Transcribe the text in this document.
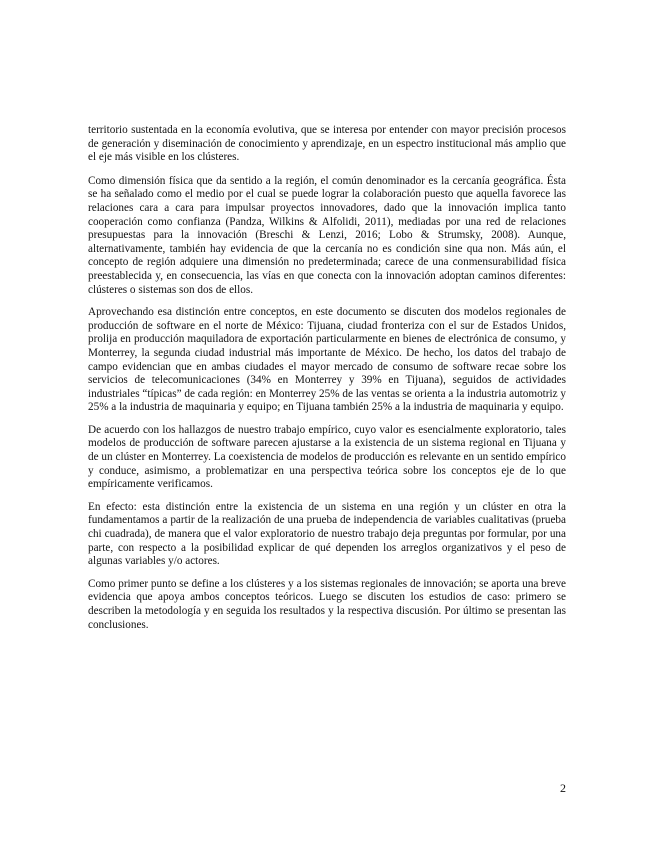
territorio sustentada en la economía evolutiva, que se interesa por entender con mayor precisión procesos de generación y diseminación de conocimiento y aprendizaje, en un espectro institucional más amplio que el eje más visible en los clústeres.

Como dimensión física que da sentido a la región, el común denominador es la cercanía geográfica. Ésta se ha señalado como el medio por el cual se puede lograr la colaboración puesto que aquella favorece las relaciones cara a cara para impulsar proyectos innovadores, dado que la innovación implica tanto cooperación como confianza (Pandza, Wilkins & Alfolidi, 2011), mediadas por una red de relaciones presupuestas para la innovación (Breschi & Lenzi, 2016; Lobo & Strumsky, 2008). Aunque, alternativamente, también hay evidencia de que la cercanía no es condición sine qua non. Más aún, el concepto de región adquiere una dimensión no predeterminada; carece de una conmensurabilidad física preestablecida y, en consecuencia, las vías en que conecta con la innovación adoptan caminos diferentes: clústeres o sistemas son dos de ellos.

Aprovechando esa distinción entre conceptos, en este documento se discuten dos modelos regionales de producción de software en el norte de México: Tijuana, ciudad fronteriza con el sur de Estados Unidos, prolija en producción maquiladora de exportación particularmente en bienes de electrónica de consumo, y Monterrey, la segunda ciudad industrial más importante de México. De hecho, los datos del trabajo de campo evidencian que en ambas ciudades el mayor mercado de consumo de software recae sobre los servicios de telecomunicaciones (34% en Monterrey y 39% en Tijuana), seguidos de actividades industriales “típicas” de cada región: en Monterrey 25% de las ventas se orienta a la industria automotriz y 25% a la industria de maquinaria y equipo; en Tijuana también 25% a la industria de maquinaria y equipo.

De acuerdo con los hallazgos de nuestro trabajo empírico, cuyo valor es esencialmente exploratorio, tales modelos de producción de software parecen ajustarse a la existencia de un sistema regional en Tijuana y de un clúster en Monterrey. La coexistencia de modelos de producción es relevante en un sentido empírico y conduce, asimismo, a problematizar en una perspectiva teórica sobre los conceptos eje de lo que empíricamente verificamos.

En efecto: esta distinción entre la existencia de un sistema en una región y un clúster en otra la fundamentamos a partir de la realización de una prueba de independencia de variables cualitativas (prueba chi cuadrada), de manera que el valor exploratorio de nuestro trabajo deja preguntas por formular, por una parte, con respecto a la posibilidad explicar de qué dependen los arreglos organizativos y el peso de algunas variables y/o actores.

Como primer punto se define a los clústeres y a los sistemas regionales de innovación; se aporta una breve evidencia que apoya ambos conceptos teóricos. Luego se discuten los estudios de caso: primero se describen la metodología y en seguida los resultados y la respectiva discusión. Por último se presentan las conclusiones.

2
